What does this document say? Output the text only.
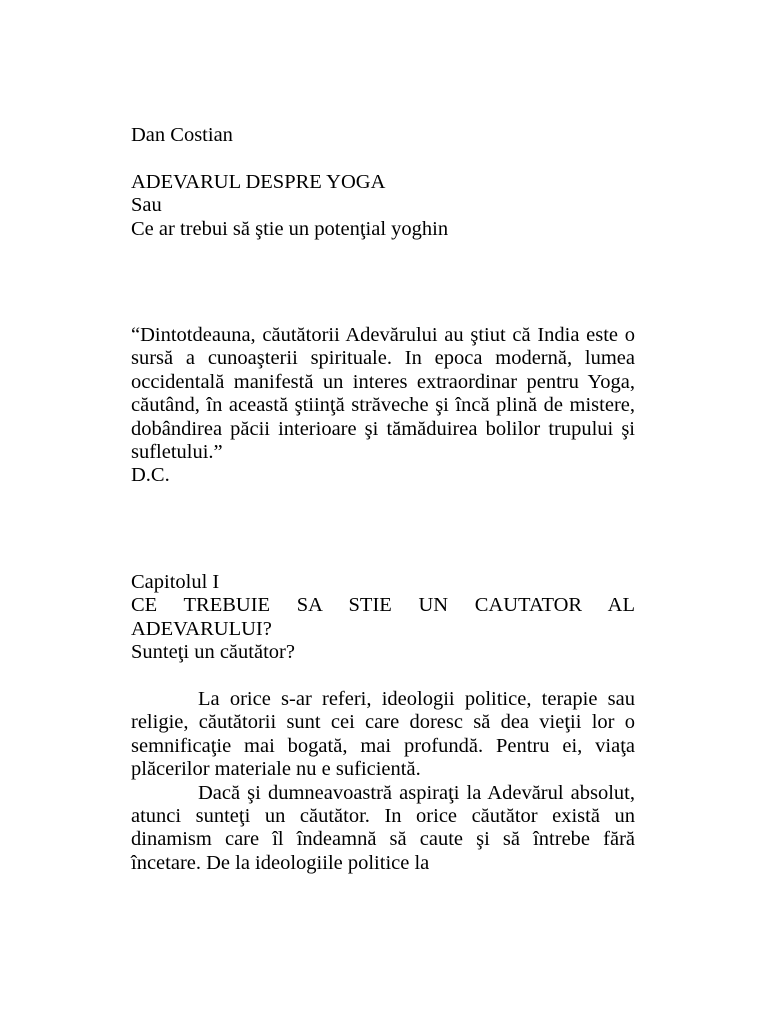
Dan Costian
ADEVARUL DESPRE YOGA
Sau
Ce ar trebui să ştie un potenţial yoghin

“Dintotdeauna, căutătorii Adevărului au ştiut că India este o sursă a cunoaşterii spirituale. In epoca modernă, lumea occidentală manifestă un interes extraordinar pentru Yoga, căutând, în această ştiinţă străveche şi încă plină de mistere, dobândirea păcii interioare şi tămăduirea bolilor trupului şi sufletului.”

D.C.
Capitolul I

CE TREBUIE SA STIE UN CAUTATOR AL ADEVARULUI?

Sunteţi un căutător?

La orice s-ar referi, ideologii politice, terapie sau religie, căutătorii sunt cei care doresc să dea vieţii lor o semnificaţie mai bogată, mai profundă. Pentru ei, viaţa plăcerilor materiale nu e suficientă.

Dacă şi dumneavoastră aspiraţi la Adevărul absolut, atunci sunteţi un căutător. In orice căutător există un dinamism care îl îndeamnă să caute şi să întrebe fără încetare. De la ideologiile politice la
